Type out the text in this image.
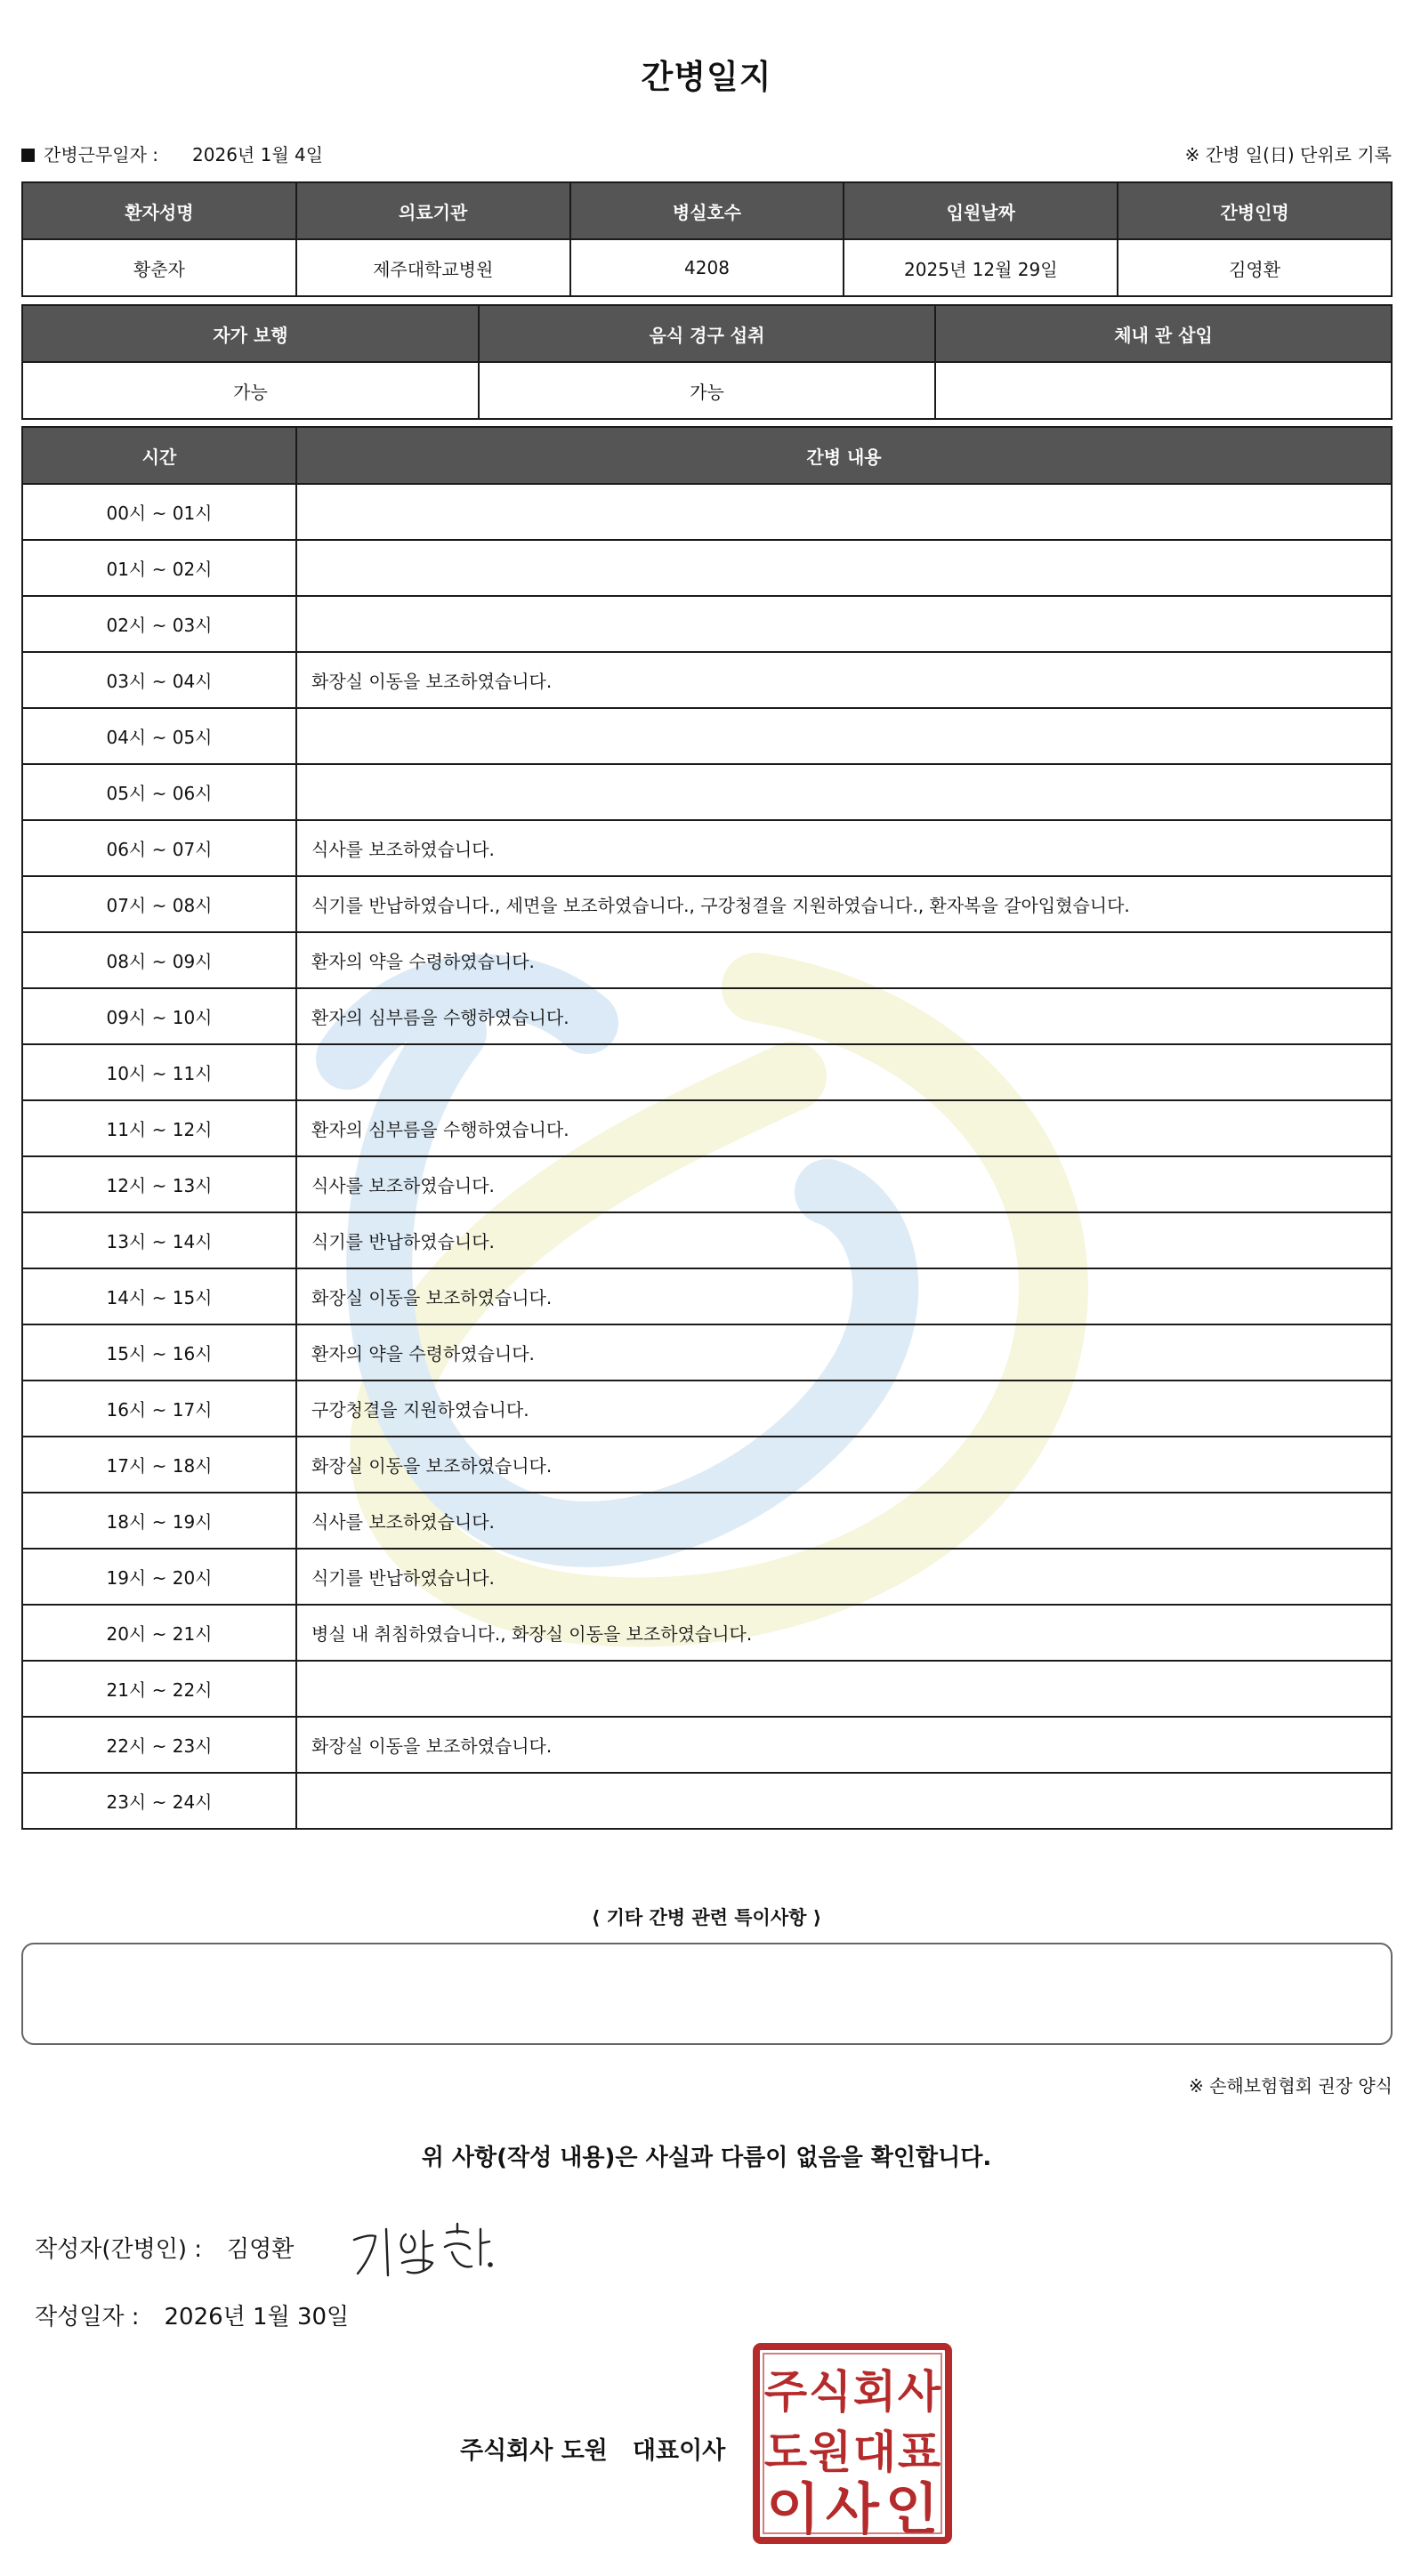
간병일지
간병근무일자 : 2026년 1월 4일	※ 간병 일(日) 단위로 기록
환자성명	의료기관	병실호수	입원날짜	간병인명
황춘자	제주대학교병원	4208	2025년 12월 29일	김영환
자가 보행	음식 경구 섭취	체내 관 삽입
가능	가능	
시간	간병 내용
00시 ~ 01시	
01시 ~ 02시	
02시 ~ 03시	
03시 ~ 04시	화장실 이동을 보조하였습니다.
04시 ~ 05시	
05시 ~ 06시	
06시 ~ 07시	식사를 보조하였습니다.
07시 ~ 08시	식기를 반납하였습니다., 세면을 보조하였습니다., 구강청결을 지원하였습니다., 환자복을 갈아입혔습니다.
08시 ~ 09시	환자의 약을 수령하였습니다.
09시 ~ 10시	환자의 심부름을 수행하였습니다.
10시 ~ 11시	
11시 ~ 12시	환자의 심부름을 수행하였습니다.
12시 ~ 13시	식사를 보조하였습니다.
13시 ~ 14시	식기를 반납하였습니다.
14시 ~ 15시	화장실 이동을 보조하였습니다.
15시 ~ 16시	환자의 약을 수령하였습니다.
16시 ~ 17시	구강청결을 지원하였습니다.
17시 ~ 18시	화장실 이동을 보조하였습니다.
18시 ~ 19시	식사를 보조하였습니다.
19시 ~ 20시	식기를 반납하였습니다.
20시 ~ 21시	병실 내 취침하였습니다., 화장실 이동을 보조하였습니다.
21시 ~ 22시	
22시 ~ 23시	화장실 이동을 보조하였습니다.
23시 ~ 24시	
⟨ 기타 간병 관련 특이사항 ⟩
※ 손해보험협회 권장 양식
위 사항(작성 내용)은 사실과 다름이 없음을 확인합니다.
작성자(간병인) : 김영환
작성일자 : 2026년 1월 30일
주식회사 도원 대표이사
주 식 회 사
도 원 대 표
이 사 인
